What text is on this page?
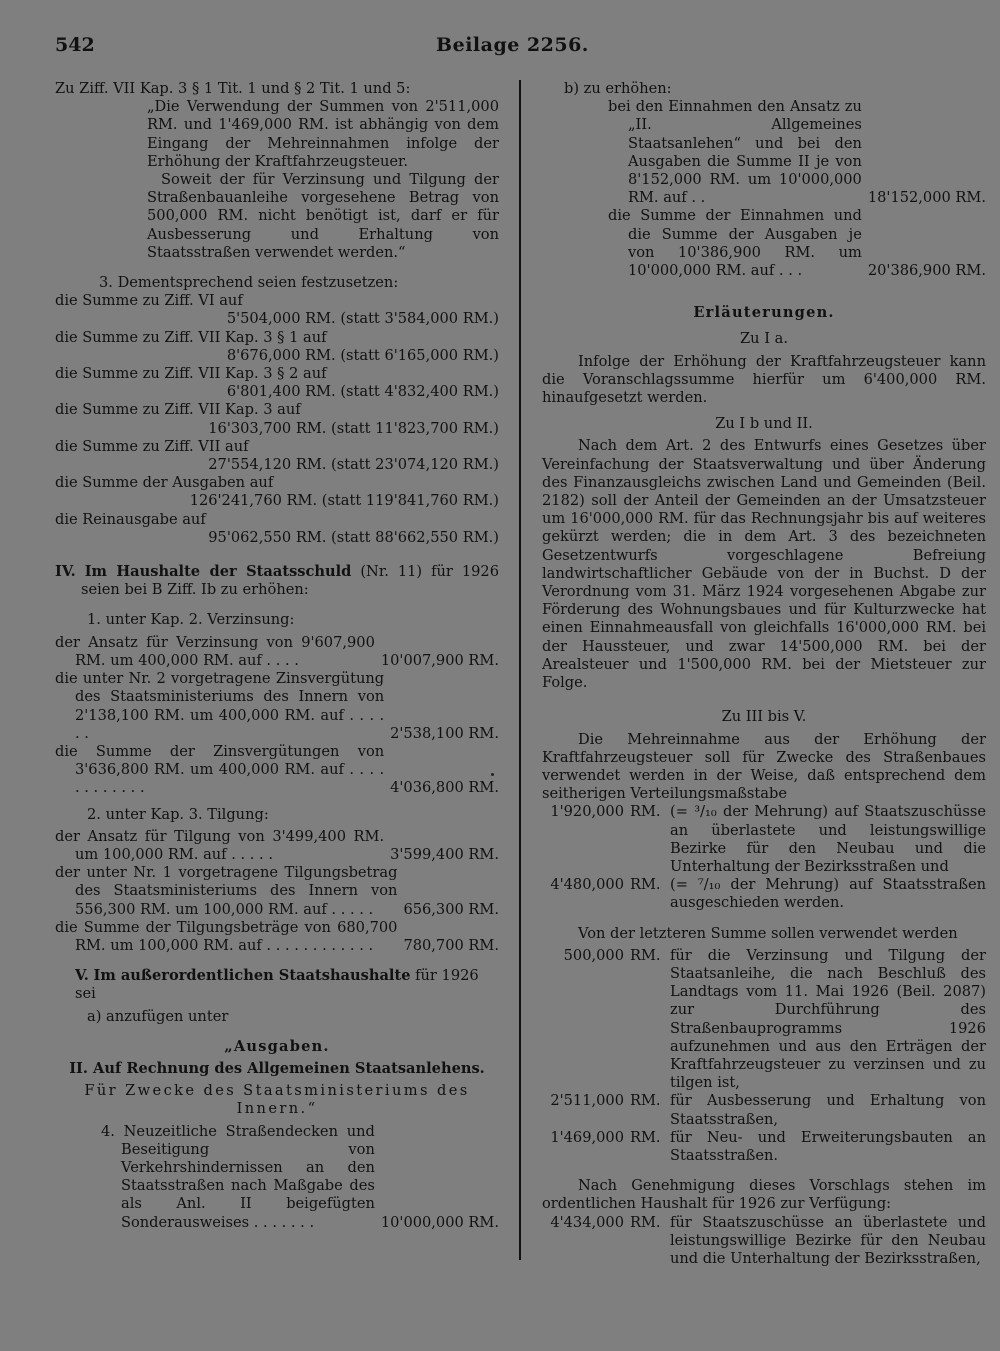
542	Beilage 2256.

Zu Ziff. VII Kap. 3 § 1 Tit. 1 und § 2 Tit. 1 und 5:

„Die Verwendung der Summen von 2'511,000 RM. und 1'469,000 RM. ist abhängig von dem Eingang der Mehreinnahmen infolge der Erhöhung der Kraftfahrzeugsteuer.

Soweit der für Verzinsung und Tilgung der Straßenbauanleihe vorgesehene Betrag von 500,000 RM. nicht benötigt ist, darf er für Ausbesserung und Erhaltung von Staatsstraßen verwendet werden.“

3. Dementsprechend seien festzusetzen:

die Summe zu Ziff. VI auf

5'504,000 RM. (statt 3'584,000 RM.)

die Summe zu Ziff. VII Kap. 3 § 1 auf

8'676,000 RM. (statt 6'165,000 RM.)

die Summe zu Ziff. VII Kap. 3 § 2 auf

6'801,400 RM. (statt 4'832,400 RM.)

die Summe zu Ziff. VII Kap. 3 auf

16'303,700 RM. (statt 11'823,700 RM.)

die Summe zu Ziff. VII auf

27'554,120 RM. (statt 23'074,120 RM.)

die Summe der Ausgaben auf

126'241,760 RM. (statt 119'841,760 RM.)

die Reinausgabe auf

95'062,550 RM. (statt 88'662,550 RM.)

IV. Im Haushalte der Staatsschuld (Nr. 11) für 1926 seien bei B Ziff. Ib zu erhöhen:

1. unter Kap. 2. Verzinsung:

der Ansatz für Verzinsung von 9'607,900 RM. um 400,000 RM. auf . . . .	10'007,900 RM.

die unter Nr. 2 vorgetragene Zinsvergütung des Staatsministeriums des Innern von 2'138,100 RM. um 400,000 RM. auf . . . . . .	2'538,100 RM.

die Summe der Zinsvergütungen von 3'636,800 RM. um 400,000 RM. auf . . . . . . . . . . . .	4'036,800 RM.

2. unter Kap. 3. Tilgung:

der Ansatz für Tilgung von 3'499,400 RM. um 100,000 RM. auf . . . . .	3'599,400 RM.

der unter Nr. 1 vorgetragene Tilgungsbetrag des Staatsministeriums des Innern von 556,300 RM. um 100,000 RM. auf . . . . .	656,300 RM.

die Summe der Tilgungsbeträge von 680,700 RM. um 100,000 RM. auf . . . . . . . . . . . .	780,700 RM.

V. Im außerordentlichen Staatshaushalte für 1926 sei

a) anzufügen unter

„Ausgaben.

II. Auf Rechnung des Allgemeinen Staatsanlehens.

Für Zwecke des Staatsministeriums des Innern.“

4. Neuzeitliche Straßendecken und Beseitigung von Verkehrshindernissen an den Staatsstraßen nach Maßgabe des als Anl. II beigefügten Sonderausweises . . . . . . .	10'000,000 RM.

b) zu erhöhen:

bei den Einnahmen den Ansatz zu „II. Allgemeines Staatsanlehen“ und bei den Ausgaben die Summe II je von 8'152,000 RM. um 10'000,000 RM. auf . .	18'152,000 RM.

die Summe der Einnahmen und die Summe der Ausgaben je von 10'386,900 RM. um 10'000,000 RM. auf . . .	20'386,900 RM.

Erläuterungen.

Zu I a.

Infolge der Erhöhung der Kraftfahrzeugsteuer kann die Voranschlagssumme hierfür um 6'400,000 RM. hinaufgesetzt werden.

Zu I b und II.

Nach dem Art. 2 des Entwurfs eines Gesetzes über Vereinfachung der Staatsverwaltung und über Änderung des Finanzausgleichs zwischen Land und Gemeinden (Beil. 2182) soll der Anteil der Gemeinden an der Umsatzsteuer um 16'000,000 RM. für das Rechnungsjahr bis auf weiteres gekürzt werden; die in dem Art. 3 des bezeichneten Gesetzentwurfs vorgeschlagene Befreiung landwirtschaftlicher Gebäude von der in Buchst. D der Verordnung vom 31. März 1924 vorgesehenen Abgabe zur Förderung des Wohnungsbaues und für Kulturzwecke hat einen Einnahmeausfall von gleichfalls 16'000,000 RM. bei der Haussteuer, und zwar 14'500,000 RM. bei der Arealsteuer und 1'500,000 RM. bei der Mietsteuer zur Folge.

Zu III bis V.

Die Mehreinnahme aus der Erhöhung der Kraftfahrzeugsteuer soll für Zwecke des Straßenbaues verwendet werden in der Weise, daß entsprechend dem seitherigen Verteilungsmaßstabe

1'920,000 RM. (= ³/₁₀ der Mehrung) auf Staatszuschüsse an überlastete und leistungswillige Bezirke für den Neubau und die Unterhaltung der Bezirksstraßen und
4'480,000 RM. (= ⁷/₁₀ der Mehrung) auf Staatsstraßen ausgeschieden werden.

Von der letzteren Summe sollen verwendet werden

500,000 RM. für die Verzinsung und Tilgung der Staatsanleihe, die nach Beschluß des Landtags vom 11. Mai 1926 (Beil. 2087) zur Durchführung des Straßenbauprogramms 1926 aufzunehmen und aus den Erträgen der Kraftfahrzeugsteuer zu verzinsen und zu tilgen ist,
2'511,000 RM. für Ausbesserung und Erhaltung von Staatsstraßen,
1'469,000 RM. für Neu- und Erweiterungsbauten an Staatsstraßen.

Nach Genehmigung dieses Vorschlags stehen im ordentlichen Haushalt für 1926 zur Verfügung:

4'434,000 RM. für Staatszuschüsse an überlastete und leistungswillige Bezirke für den Neubau und die Unterhaltung der Bezirksstraßen,
